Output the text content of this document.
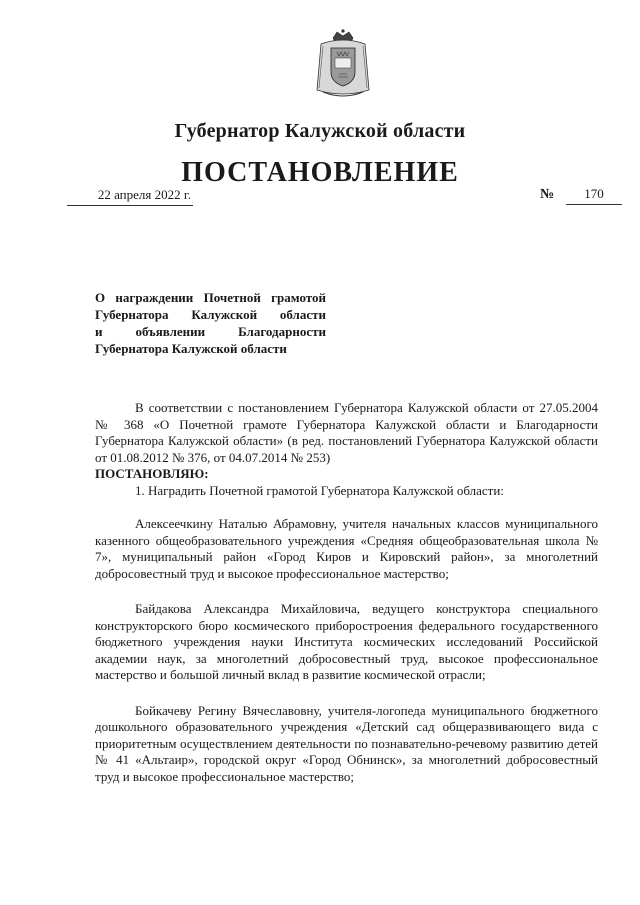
Губернатор Калужской области
ПОСТАНОВЛЕНИЕ
22 апреля 2022 г.	№	170
О награждении Почетной грамотой
Губернатора Калужской области
и объявлении Благодарности
Губернатора Калужской области

В соответствии с постановлением Губернатора Калужской области от 27.05.2004 № 368 «О Почетной грамоте Губернатора Калужской области и Благодарности Губернатора Калужской области» (в ред. постановлений Губернатора Калужской области от 01.08.2012 № 376, от 04.07.2014 № 253)

ПОСТАНОВЛЯЮ:

1. Наградить Почетной грамотой Губернатора Калужской области:

Алексеечкину Наталью Абрамовну, учителя начальных классов муниципального казенного общеобразовательного учреждения «Средняя общеобразовательная школа № 7», муниципальный район «Город Киров и Кировский район», за многолетний добросовестный труд и высокое профессиональное мастерство;

Байдакова Александра Михайловича, ведущего конструктора специального конструкторского бюро космического приборостроения федерального государственного бюджетного учреждения науки Института космических исследований Российской академии наук, за многолетний добросовестный труд, высокое профессиональное мастерство и большой личный вклад в развитие космической отрасли;

Бойкачеву Регину Вячеславовну, учителя-логопеда муниципального бюджетного дошкольного образовательного учреждения «Детский сад общеразвивающего вида с приоритетным осуществлением деятельности по познавательно-речевому развитию детей № 41 «Альтаир», городской округ «Город Обнинск», за многолетний добросовестный труд и высокое профессиональное мастерство;
